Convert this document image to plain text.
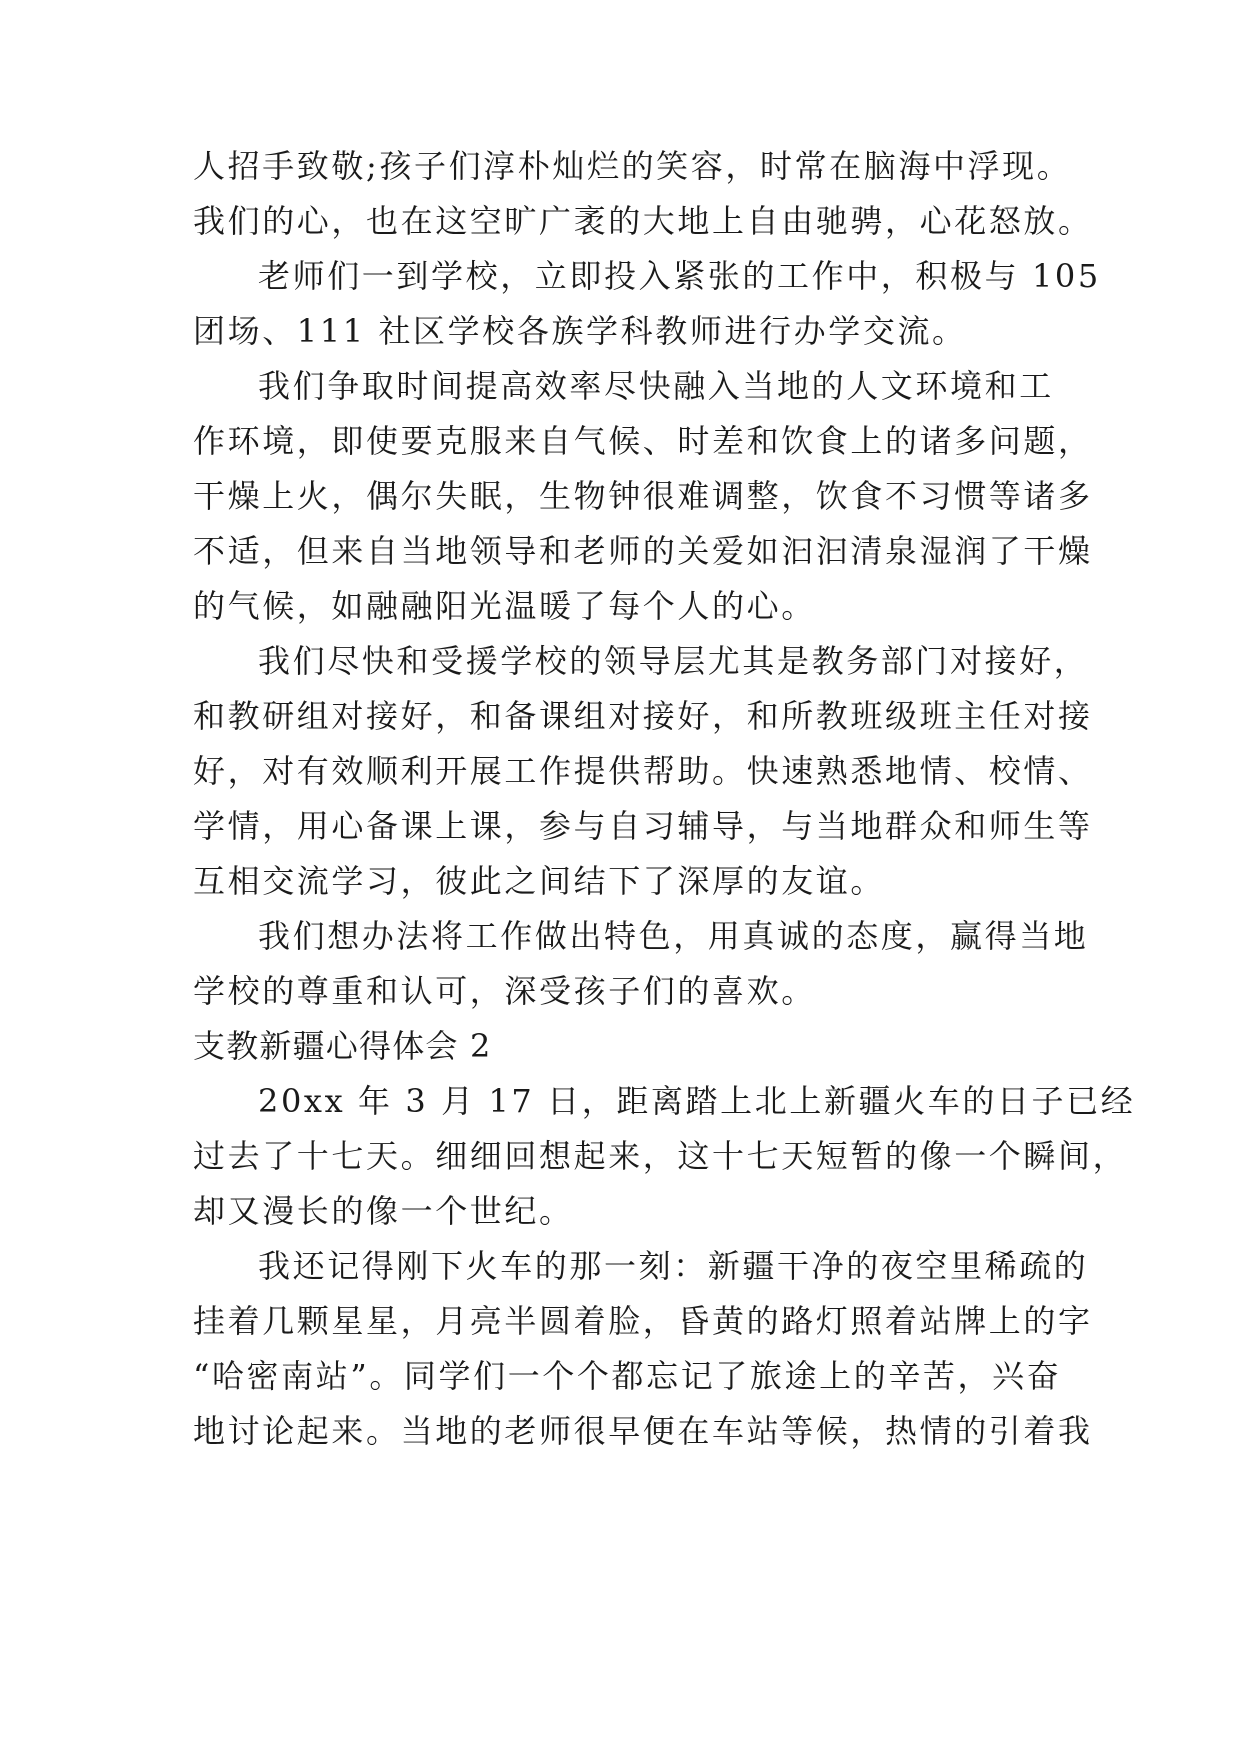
人招手致敬;孩子们淳朴灿烂的笑容，时常在脑海中浮现。
我们的心，也在这空旷广袤的大地上自由驰骋，心花怒放。
老师们一到学校，立即投入紧张的工作中，积极与 105
团场、111 社区学校各族学科教师进行办学交流。
我们争取时间提高效率尽快融入当地的人文环境和工
作环境，即使要克服来自气候、时差和饮食上的诸多问题，
干燥上火，偶尔失眠，生物钟很难调整，饮食不习惯等诸多
不适，但来自当地领导和老师的关爱如汩汩清泉湿润了干燥
的气候，如融融阳光温暖了每个人的心。
我们尽快和受援学校的领导层尤其是教务部门对接好，
和教研组对接好，和备课组对接好，和所教班级班主任对接
好，对有效顺利开展工作提供帮助。快速熟悉地情、校情、
学情，用心备课上课，参与自习辅导，与当地群众和师生等
互相交流学习，彼此之间结下了深厚的友谊。
我们想办法将工作做出特色，用真诚的态度，赢得当地
学校的尊重和认可，深受孩子们的喜欢。
支教新疆心得体会 2
20xx 年 3 月 17 日，距离踏上北上新疆火车的日子已经
过去了十七天。细细回想起来，这十七天短暂的像一个瞬间，
却又漫长的像一个世纪。
我还记得刚下火车的那一刻：新疆干净的夜空里稀疏的
挂着几颗星星，月亮半圆着脸，昏黄的路灯照着站牌上的字
“哈密南站”。同学们一个个都忘记了旅途上的辛苦，兴奋
地讨论起来。当地的老师很早便在车站等候，热情的引着我
